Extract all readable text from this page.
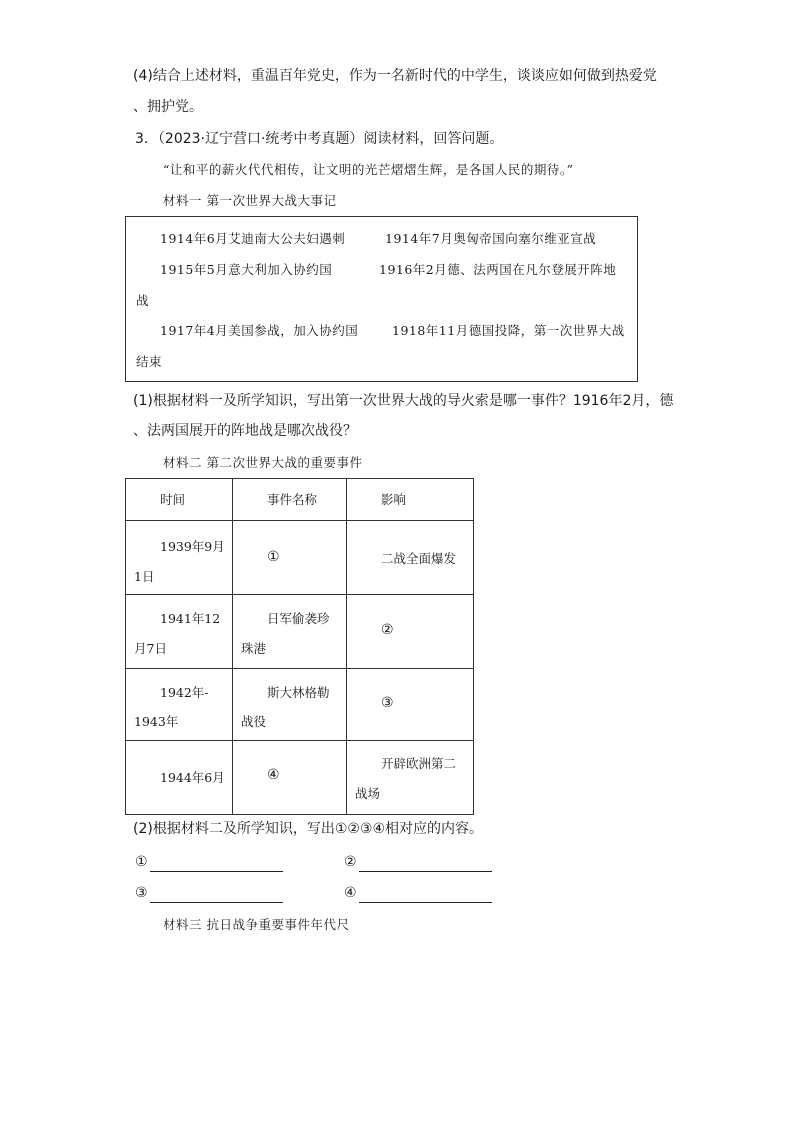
(4)结合上述材料，重温百年党史，作为一名新时代的中学生，谈谈应如何做到热爱党
、拥护党。
3．（2023·辽宁营口·统考中考真题）阅读材料，回答问题。
“让和平的薪火代代相传，让文明的光芒熠熠生辉，是各国人民的期待。”
材料一 第一次世界大战大事记
1914年6月艾迪南大公夫妇遇刺	1914年7月奥匈帝国向塞尔维亚宣战
1915年5月意大利加入协约国	1916年2月德、法两国在凡尔登展开阵地
战
1917年4月美国参战，加入协约国	1918年11月德国投降，第一次世界大战
结束
(1)根据材料一及所学知识，写出第一次世界大战的导火索是哪一事件？1916年2月，德
、法两国展开的阵地战是哪次战役？
材料二 第二次世界大战的重要事件
时间	事件名称	影响

1939年9月
1日	①	二战全面爆发

1941年12
月7日	日军偷袭珍
珠港	②

1942年-
1943年	斯大林格勒
战役	③

1944年6月	④	开辟欧洲第二
战场
(2)根据材料二及所学知识，写出①②③④相对应的内容。
①	②
③	④
材料三 抗日战争重要事件年代尺
